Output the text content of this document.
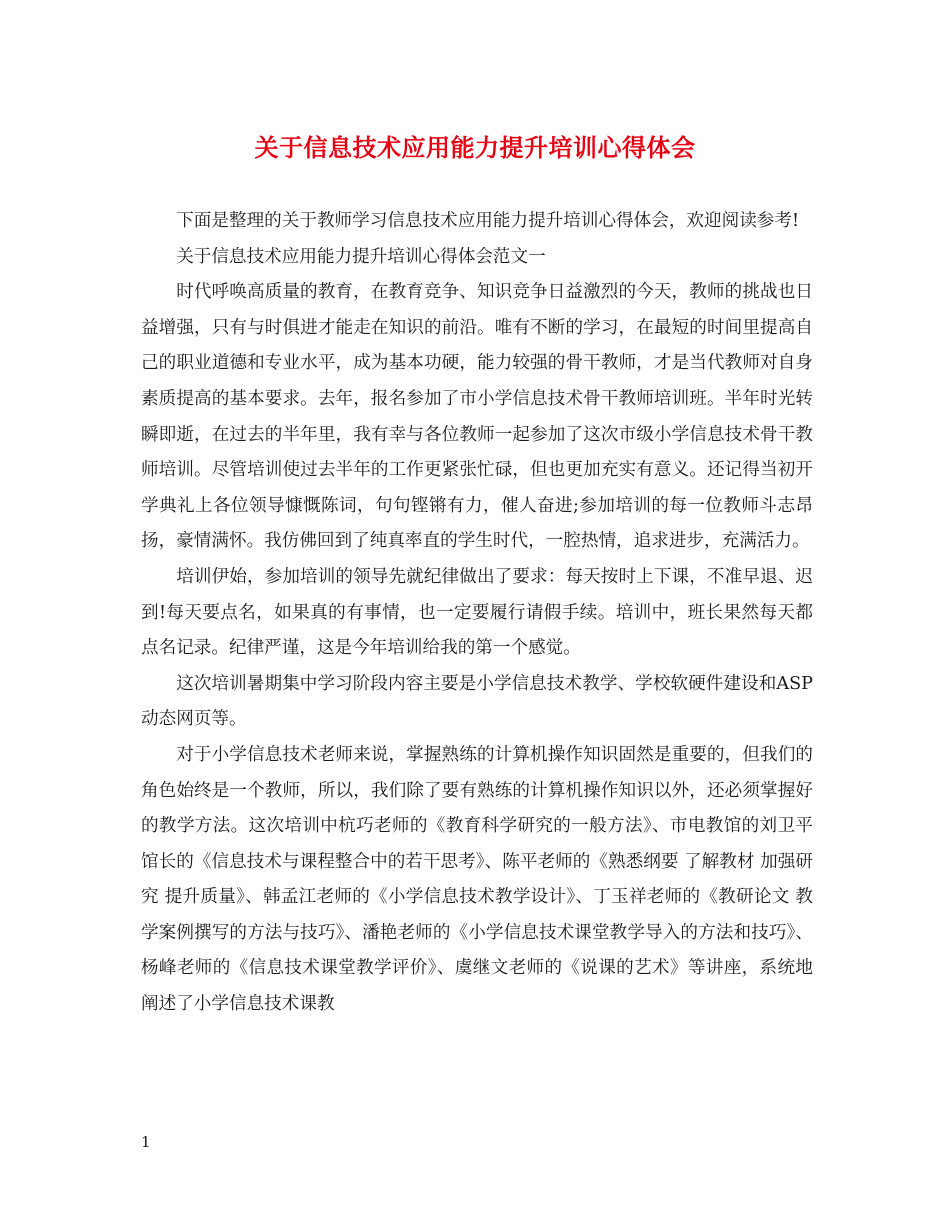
关于信息技术应用能力提升培训心得体会

下面是整理的关于教师学习信息技术应用能力提升培训心得体会，欢迎阅读参考!

关于信息技术应用能力提升培训心得体会范文一

时代呼唤高质量的教育，在教育竞争、知识竞争日益激烈的今天，教师的挑战也日益增强，只有与时俱进才能走在知识的前沿。唯有不断的学习，在最短的时间里提高自己的职业道德和专业水平，成为基本功硬，能力较强的骨干教师，才是当代教师对自身素质提高的基本要求。去年，报名参加了市小学信息技术骨干教师培训班。半年时光转瞬即逝，在过去的半年里，我有幸与各位教师一起参加了这次市级小学信息技术骨干教师培训。尽管培训使过去半年的工作更紧张忙碌，但也更加充实有意义。还记得当初开学典礼上各位领导慷慨陈词，句句铿锵有力，催人奋进;参加培训的每一位教师斗志昂扬，豪情满怀。我仿佛回到了纯真率直的学生时代，一腔热情，追求进步，充满活力。

培训伊始，参加培训的领导先就纪律做出了要求：每天按时上下课，不准早退、迟到!每天要点名，如果真的有事情，也一定要履行请假手续。培训中，班长果然每天都点名记录。纪律严谨，这是今年培训给我的第一个感觉。

这次培训暑期集中学习阶段内容主要是小学信息技术教学、学校软硬件建设和ASP动态网页等。

对于小学信息技术老师来说，掌握熟练的计算机操作知识固然是重要的，但我们的角色始终是一个教师，所以，我们除了要有熟练的计算机操作知识以外，还必须掌握好的教学方法。这次培训中杭巧老师的《教育科学研究的一般方法》、市电教馆的刘卫平馆长的《信息技术与课程整合中的若干思考》、陈平老师的《熟悉纲要 了解教材 加强研究 提升质量》、韩孟江老师的《小学信息技术教学设计》、丁玉祥老师的《教研论文 教学案例撰写的方法与技巧》、潘艳老师的《小学信息技术课堂教学导入的方法和技巧》、杨峰老师的《信息技术课堂教学评价》、虞继文老师的《说课的艺术》等讲座，系统地阐述了小学信息技术课教

1
